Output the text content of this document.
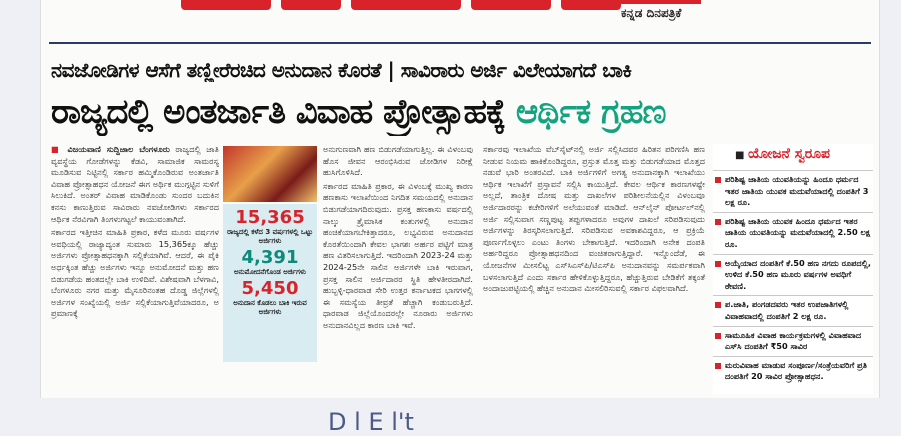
ಕನ್ನಡ ದಿನಪತ್ರಿಕೆ
ನವಜೋಡಿಗಳ ಆಸೆಗೆ ತಣ್ಣೀರೆರಚಿದ ಅನುದಾನ ಕೊರತೆ | ಸಾವಿರಾರು ಅರ್ಜಿ ವಿಲೇಯಾಗದೆ ಬಾಕಿ
ರಾಜ್ಯದಲ್ಲಿ ಅಂತರ್ಜಾತಿ ವಿವಾಹ ಪ್ರೋತ್ಸಾಹಕ್ಕೆ ಆರ್ಥಿಕ ಗ್ರಹಣ

■ ವಿಜಯವಾಣಿ ಸುದ್ದಿಜಾಲ ಬೆಂಗಳೂರು ರಾಜ್ಯದಲ್ಲಿ ಜಾತಿ ವ್ಯವಸ್ಥೆಯ ಗೋಡೆಗಳನ್ನು ಕೆಡವಿ, ಸಾಮಾಜಿಕ ಸಾಮರಸ್ಯ ಮೂಡಿಸುವ ನಿಟ್ಟಿನಲ್ಲಿ ಸರ್ಕಾರ ಹಮ್ಮಿಕೊಂಡಿರುವ ಅಂತರ್ಜಾತಿ ವಿವಾಹ ಪ್ರೋತ್ಸಾಹಧನ ಯೋಜನೆ ಈಗ ಅರ್ಥಿಕ ಮುಗ್ಗಟ್ಟಿನ ಸುಳಿಗೆ ಸಿಲುಕಿದೆ. ಅಂತರ್ ವಿವಾಹ ಮಾಡಿಕೊಂಡು ಸುಂದರ ಬದುಕಿನ ಕನಸು ಕಾಣುತ್ತಿರುವ ಸಾವಿರಾರು ನವಜೋಡಿಗಳು ಸರ್ಕಾರದ ಆರ್ಥಿಕ ನೆರವಿಗಾಗಿ ತಿಂಗಳುಗಟ್ಟಲೆ ಕಾಯುವಂತಾಗಿದೆ.

ಸರ್ಕಾರದ ಇತ್ತೀಚಿನ ಮಾಹಿತಿ ಪ್ರಕಾರ, ಕಳೆದ ಮೂರು ವರ್ಷಗಳ ಅವಧಿಯಲ್ಲಿ ರಾಜ್ಯಾದ್ಯಂತ ಸುಮಾರು 15,365ಕ್ಕೂ ಹೆಚ್ಚು ಅರ್ಜಿಗಳು ಪ್ರೋತ್ಸಾಹಧನಕ್ಕಾಗಿ ಸಲ್ಲಿಕೆಯಾಗಿವೆ. ಆದರೆ, ಈ ಪೈಕಿ ಅರ್ಧಕ್ಕಿಂತ ಹೆಚ್ಚು ಅರ್ಜಿಗಳು ಇನ್ನೂ ಅನುಮೋದನೆ ಮತ್ತು ಹಣ ಬಿಡುಗಡೆಯ ಹಂತದಲ್ಲೇ ಬಾಕಿ ಉಳಿದಿವೆ. ವಿಶೇಷವಾಗಿ ಬೆಳಗಾವಿ, ಬೆಂಗಳೂರು ನಗರ ಮತ್ತು ಮೈಸೂರಿನಂತಹ ದೊಡ್ಡ ಜಿಲ್ಲೆಗಳಲ್ಲಿ ಅರ್ಜಿಗಳ ಸಂಖ್ಯೆಯಲ್ಲಿ ಅರ್ಜಿ ಸಲ್ಲಿಕೆಯಾಗುತ್ತಿವೆಯಾದರೂ, ಅ ಪ್ರಮಾಣಕ್ಕೆ

15,365
ರಾಜ್ಯದಲ್ಲಿ ಕಳೆದ 3 ವರ್ಷಗಳಲ್ಲಿ ಒಟ್ಟು ಅರ್ಜಿಗಳು
4,391
ಅನುಮೋದನೆಗೊಂಡ ಅರ್ಜಿಗಳು
5,450
ಅನುದಾನ ಕೊಡಲು ಬಾಕಿ ಇರುವ ಅರ್ಜಿಗಳು

ಅನುಗುಣವಾಗಿ ಹಣ ಬಿಡುಗಡೆಯಾಗುತ್ತಿಲ್ಲ. ಈ ವಿಳಂಬವು ಹೊಸ ಜೀವನ ಆರಂಭಿಸಿರುವ ಜೋಡಿಗಳ ನಿರೀಕ್ಷೆ ಹುಸಿಗೊಳಿಸಿದೆ.

ಸರ್ಕಾರದ ಮಾಹಿತಿ ಪ್ರಕಾರ, ಈ ವಿಳಂಬಕ್ಕೆ ಮುಖ್ಯ ಕಾರಣ ಹಣಕಾಸು ಇಲಾಖೆಯಿಂದ ನಿಗದಿತ ಸಮಯದಲ್ಲಿ ಅನುದಾನ ಬಿಡುಗಡೆಯಾಗದಿರುವುದು. ಪ್ರಸಕ್ತ ಹಣಕಾಸು ವರ್ಷದಲ್ಲಿ ನಾಲ್ಕು ತ್ರೈಮಾಸಿಕ ಕಂತುಗಳಲ್ಲಿ ಅನುದಾನ ಹಂಚಿಕೆಯಾಗಬೇಕಿತ್ತಾದರೂ, ಲಭ್ಯವಿರುವ ಅನುದಾನದ ಕೊರತೆಯಿಂದಾಗಿ ಕೇವಲ ಭಾಗಶಃ ಅರ್ಹರ ಪಟ್ಟಿಗೆ ಮಾತ್ರ ಹಣ ವಿತರಿಸಲಾಗುತ್ತಿದೆ. ಇದರಿಂದಾಗಿ 2023-24 ಮತ್ತು 2024-25ನೇ ಸಾಲಿನ ಅರ್ಜಿಗಳೇ ಬಾಕಿ ಇರುವಾಗ, ಪ್ರಸಕ್ತ ಸಾಲಿನ ಅರ್ಜಿದಾರರ ಸ್ಥಿತಿ ಹೇಳತೀರದಾಗಿದೆ. ಹುಬ್ಬಳ್ಳಿ-ಧಾರವಾಡ ಸೇರಿ ಉತ್ತರ ಕರ್ನಾಟಕದ ಭಾಗಗಳಲ್ಲಿ ಈ ಸಮಸ್ಯೆಯ ತೀವ್ರತೆ ಹೆಚ್ಚಾಗಿ ಕಂಡುಬರುತ್ತಿದೆ. ಧಾರವಾಡ ಜಿಲ್ಲೆಯೊಂದರಲ್ಲೇ ನೂರಾರು ಅರ್ಜಿಗಳು ಅನುದಾನವಿಲ್ಲದ ಕಾರಣ ಬಾಕಿ ಇವೆ.

ಸರ್ಕಾರವು ಇಲಾಖೆಯ ವೆಬ್‌ಸೈಟ್‌ನಲ್ಲಿ ಅರ್ಜಿ ಸಲ್ಲಿಸಿದವರ ಹಿರಿತನ ಪರಿಗಣಿಸಿ ಹಣ ನೀಡುವ ನಿಯಮ ಹಾಕಿಕೊಂಡಿದ್ದರೂ, ಪ್ರಸ್ತುತ ಮೊತ್ತ ಮತ್ತು ಬಿಡುಗಡೆಯಾದ ಮೊತ್ತದ ನಡುವೆ ಭಾರಿ ಅಂತರವಿದೆ. ಬಾಕಿ ಅರ್ಜಿಗಳಿಗೆ ಅಗತ್ಯ ಅನುದಾನಕ್ಕಾಗಿ ಇಲಾಖೆಯು ಆರ್ಥಿಕ ಇಲಾಖೆಗೆ ಪ್ರಸ್ತಾವನೆ ಸಲ್ಲಿಸಿ ಕಾಯುತ್ತಿದೆ. ಕೇವಲ ಆರ್ಥಿಕ ಕಾರಣಗಳಷ್ಟೇ ಅಲ್ಲದೆ, ತಾಂತ್ರಿಕ ದೋಷ ಮತ್ತು ದಾಖಲೆಗಳ ಪರಿಶೀಲನೆಯಲ್ಲಿನ ವಿಳಂಬವೂ ಅರ್ಜಿದಾರರನ್ನು ಕಚೇರಿಗಳಿಗೆ ಅಲೆಯುವಂತೆ ಮಾಡಿದೆ. ಆನ್‌ಲೈನ್ ಪೋರ್ಟಲ್‌ನಲ್ಲಿ ಅರ್ಜಿ ಸಲ್ಲಿಸುವಾಗ ಸಣ್ಣಪುಟ್ಟ ತಪ್ಪುಗಳಾದರೂ ಅವುಗಳ ದಾಖಲೆ ಸರಿಪಡಿಸುವುದು ಅರ್ಜಿಗಳನ್ನು ತಿರಸ್ಕರಿಸಲಾಗುತ್ತಿದೆ. ಸರಿಪಡಿಸುವ ಅವಕಾಶವಿದ್ದರೂ, ಆ ಪ್ರಕ್ರಿಯೆ ಪೂರ್ಣಗೊಳ್ಳಲು ಎಂಟು ತಿಂಗಳು ಬೇಕಾಗುತ್ತಿದೆ. ಇದರಿಂದಾಗಿ ಅನೇಕ ದಂಪತಿ ಅರ್ಹರಿದ್ದರೂ ಪ್ರೋತ್ಸಾಹಧನದಿಂದ ವಂಚಿತರಾಗುತ್ತಿದ್ದಾರೆ. ಇನ್ನೊಂದೆಡೆ, ಈ ಯೋಜನೆಗಳ ಮೀಸಲಿಟ್ಟ ಎಸ್‌ಸಿಎಸ್‌ಪಿ/ಟಿಎಸ್‌ಪಿ ಅನುದಾನವನ್ನು ಸಮರ್ಪಕವಾಗಿ ಬಳಸಲಾಗುತ್ತಿದೆ ಎಂದು ಸರ್ಕಾರ ಹೇಳಿಕೊಳ್ಳುತ್ತಿದ್ದರೂ, ಹೆಚ್ಚುತ್ತಿರುವ ಬೇಡಿಕೆಗೆ ತಕ್ಕಂತೆ ಅಂದಾಜುಪಟ್ಟಿಯಲ್ಲಿ ಹೆಚ್ಚಿನ ಅನುದಾನ ಮೀಸಲಿರಿಸುವಲ್ಲಿ ಸರ್ಕಾರ ವಿಫಲವಾಗಿದೆ.

■ ಯೋಜನೆ ಸ್ವರೂಪ
ಪರಿಶಿಷ್ಟ ಜಾತಿಯ ಯುವತಿಯನ್ನು ಹಿಂದೂ ಧರ್ಮದ ಇತರ ಜಾತಿಯ ಯುವಕ ಮದುವೆಯಾದಲ್ಲಿ ದಂಪತಿಗೆ 3 ಲಕ್ಷ ರೂ.
ಪರಿಶಿಷ್ಟ ಜಾತಿಯ ಯುವಕ ಹಿಂದೂ ಧರ್ಮದ ಇತರ ಜಾತಿಯ ಯುವತಿಯನ್ನು ಮದುವೆಯಾದಲ್ಲಿ 2.50 ಲಕ್ಷ ರೂ.
ಅಯ್ಕೆಯಾದ ದಂಪತಿಗೆ ಕೆ.50 ಹಣ ನಗದು ರೂಪದಲ್ಲಿ, ಉಳಿದ ಕೆ.50 ಹಣ ಮೂರು ವರ್ಷಗಳ ಅವಧಿಗೆ ಠೇವಣಿ.
ಪ.ಜಾತಿ, ಪಂಗಡದವರು ಇತರ ಉಪಜಾತಿಗಳಲ್ಲಿ ವಿವಾಹವಾದಲ್ಲಿ ದಂಪತಿಗೆ 2 ಲಕ್ಷ ರೂ.
ಸಾಮೂಹಿಕ ವಿವಾಹ ಕಾರ್ಯಕ್ರಮಗಳಲ್ಲಿ ವಿವಾಹವಾದ ಎಸ್‌ಸಿ ದಂಪತಿಗೆ ₹50 ಸಾವಿರ
ಮರುವಿವಾಹ ಮಾಡುವ ಸಂಪೂರ್ಣ/ಸಂತ್ರೆಯವರಿಗೆ ಪ್ರತಿ ದಂಪತಿಗೆ 20 ಸಾವಿರ ಪ್ರೋತ್ಸಾಹಧನ.
D l E l't
